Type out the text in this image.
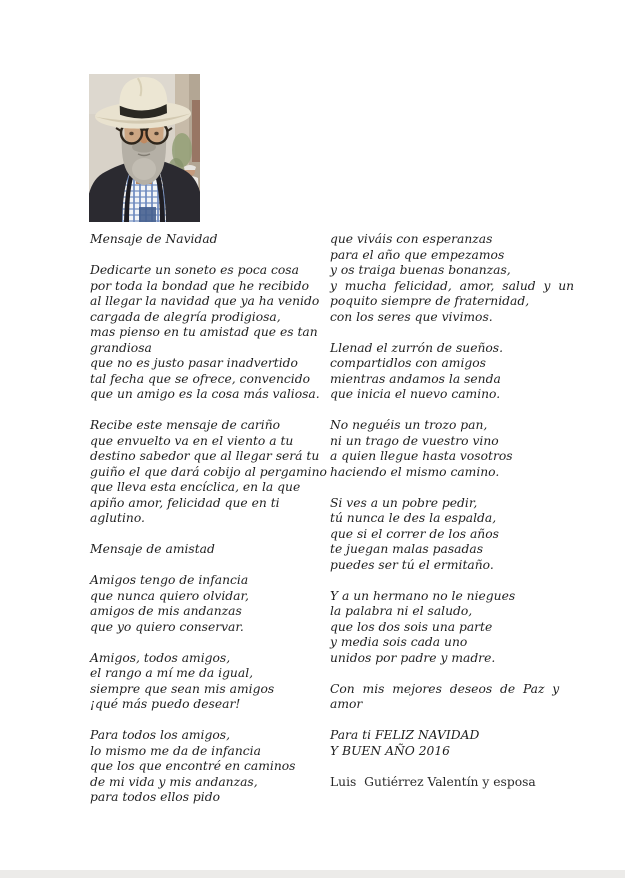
Mensaje de Navidad
Dedicarte un soneto es poca cosa
por toda la bondad que he recibido
al llegar la navidad que ya ha venido
cargada de alegría prodigiosa,
mas pienso en tu amistad que es tan
grandiosa
que no es justo pasar inadvertido
tal fecha que se ofrece, convencido
que un amigo es la cosa más valiosa.
Recibe este mensaje de cariño
que envuelto va en el viento a tu
destino sabedor que al llegar será tu
guiño el que dará cobijo al pergamino
que lleva esta encíclica, en la que
apiño amor, felicidad que en ti
aglutino.
Mensaje de amistad
Amigos tengo de infancia
que nunca quiero olvidar,
amigos de mis andanzas
que yo quiero conservar.
Amigos, todos amigos,
el rango a mí me da igual,
siempre que sean mis amigos
¡qué más puedo desear!
Para todos los amigos,
lo mismo me da de infancia
que los que encontré en caminos
de mi vida y mis andanzas,
para todos ellos pido
que viváis con esperanzas
para el año que empezamos
y os traiga buenas bonanzas,
y  mucha  felicidad,  amor,  salud  y  un
poquito siempre de fraternidad,
con los seres que vivimos.
Llenad el zurrón de sueños.
compartidlos con amigos
mientras andamos la senda
que inicia el nuevo camino.
No neguéis un trozo pan,
ni un trago de vuestro vino
a quien llegue hasta vosotros
haciendo el mismo camino.
Si ves a un pobre pedir,
tú nunca le des la espalda,
que si el correr de los años
te juegan malas pasadas
puedes ser tú el ermitaño.
Y a un hermano no le niegues
la palabra ni el saludo,
que los dos sois una parte
y media sois cada uno
unidos por padre y madre.
Con  mis  mejores  deseos  de  Paz  y
amor
Para ti FELIZ NAVIDAD
Y BUEN AÑO 2016
Luis  Gutiérrez Valentín y esposa
